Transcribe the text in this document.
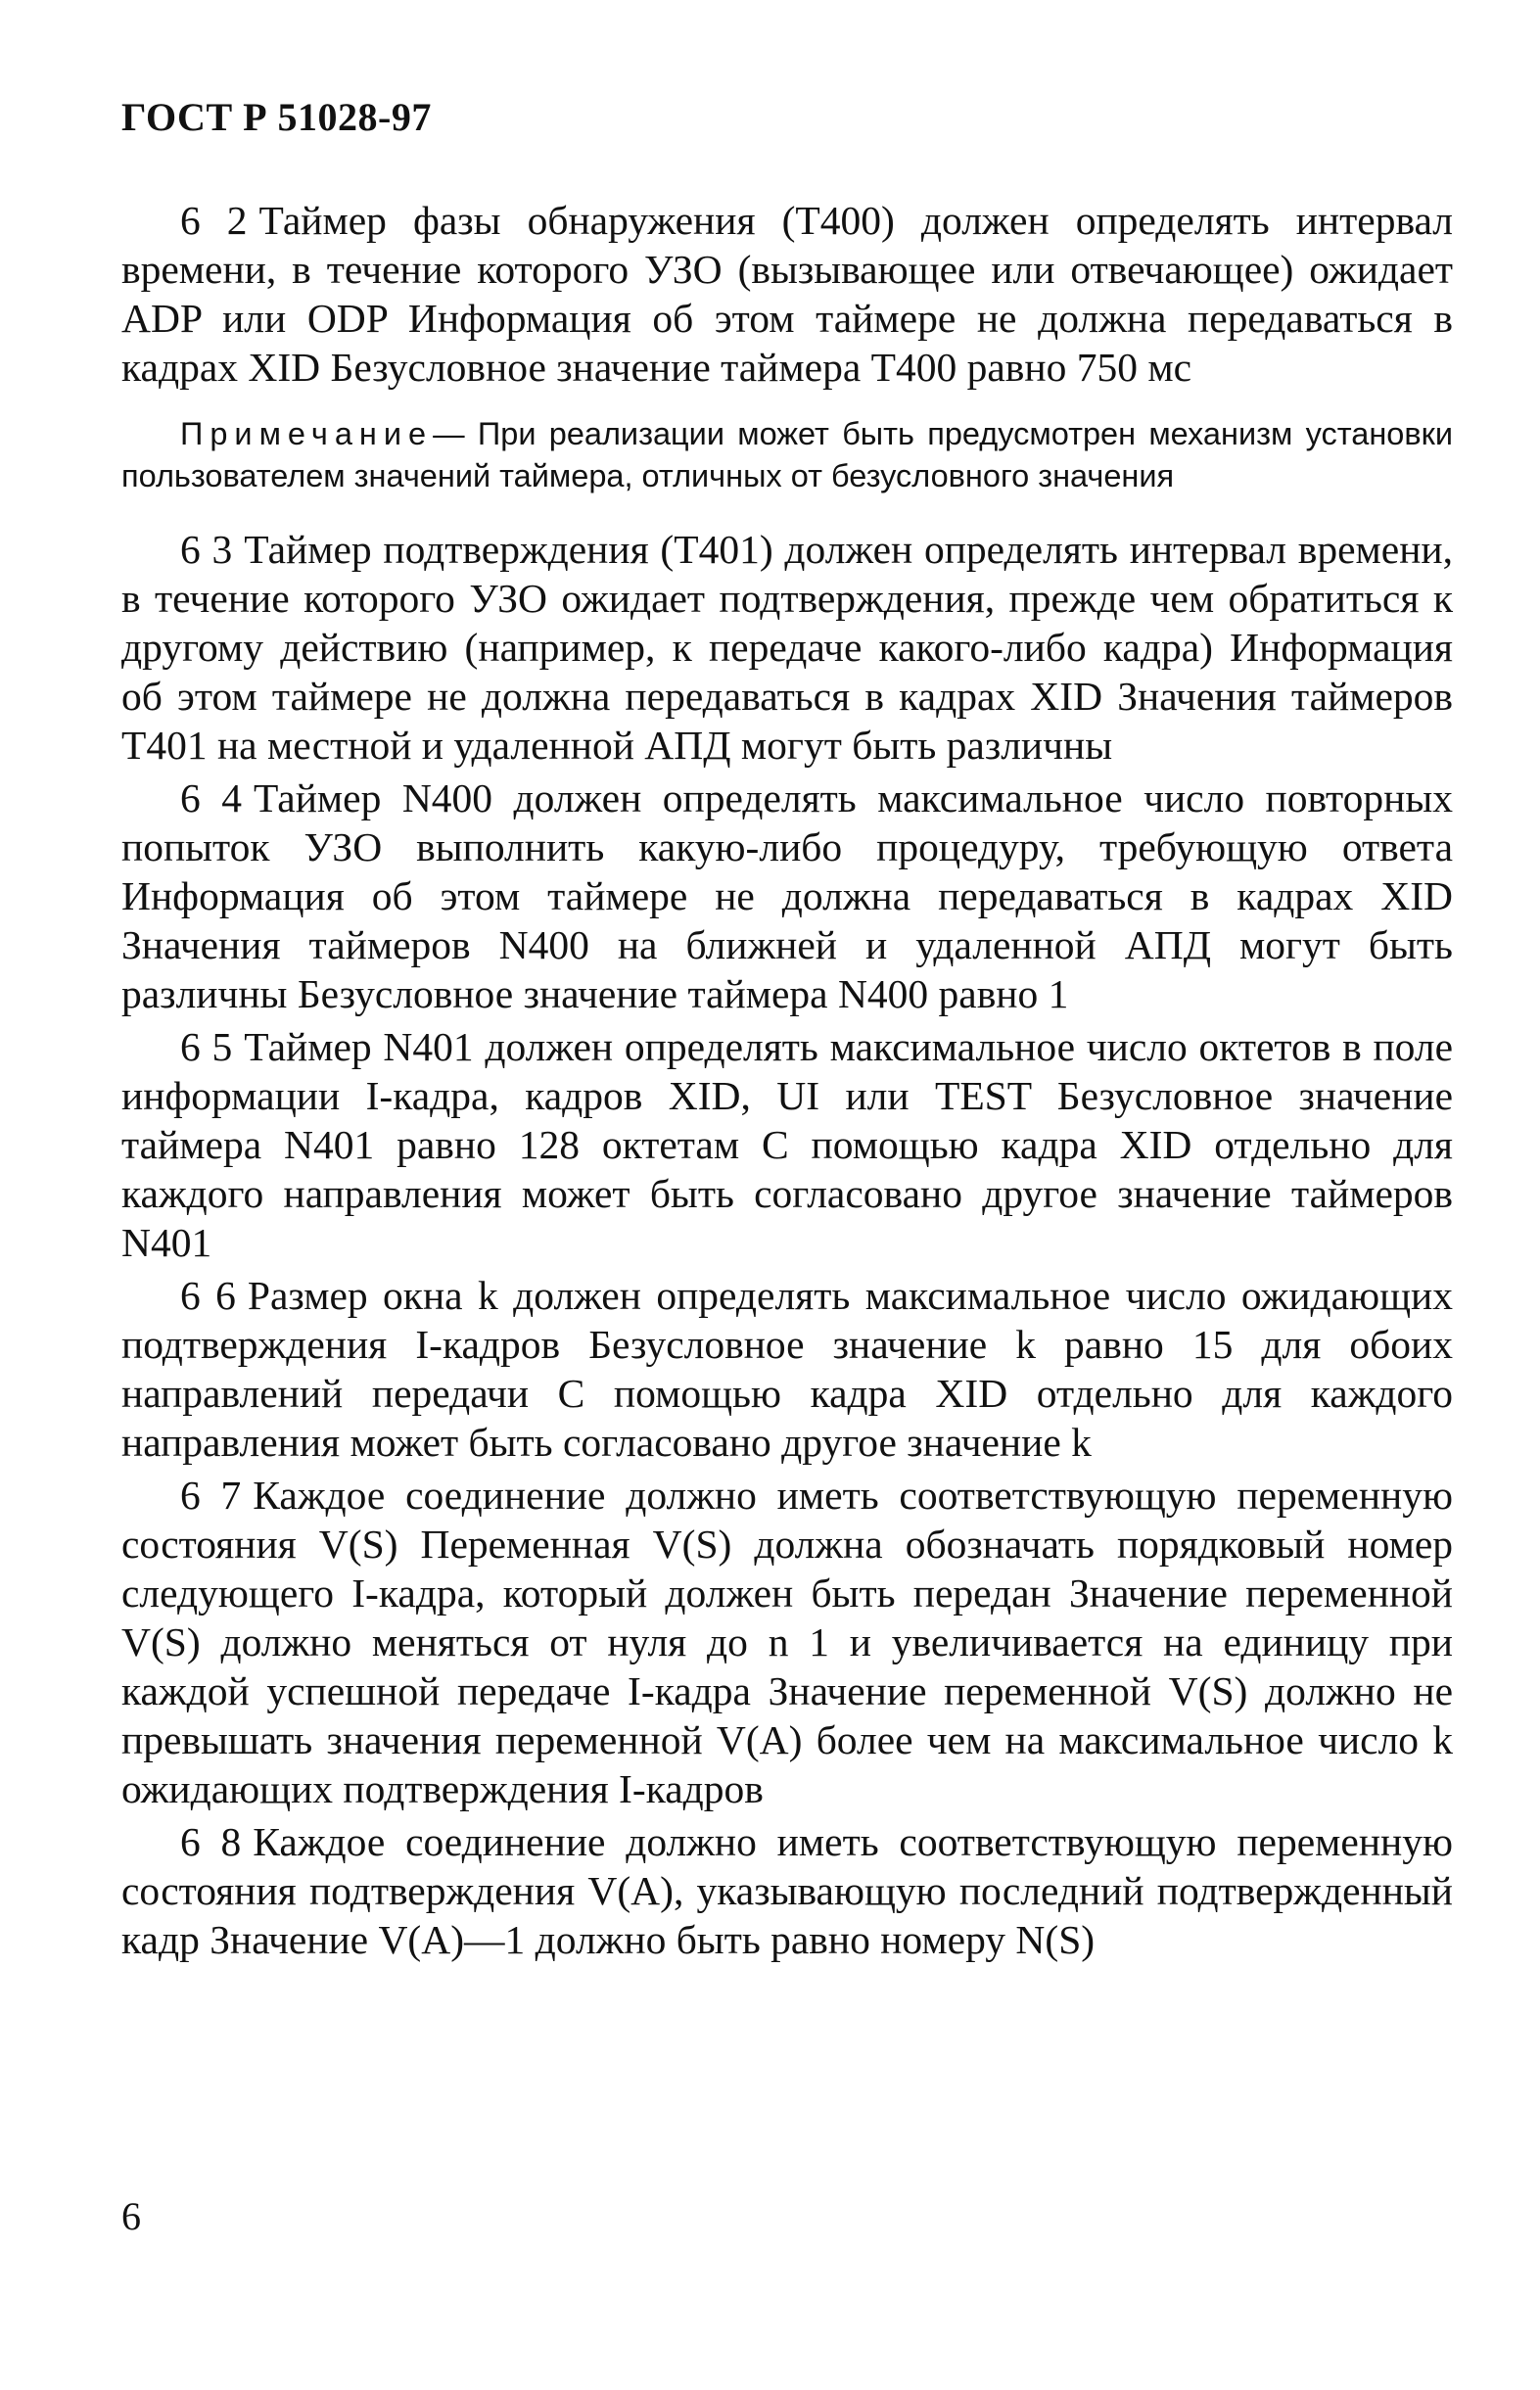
ГОСТ Р 51028-97

6 2 Таймер фазы обнаружения (Т400) должен определять интервал времени, в течение которого УЗО (вызывающее или отвечающее) ожидает ADP или ODP Информация об этом таймере не должна передаваться в кадрах XID Безусловное значение таймера Т400 равно 750 мс

Примечание— При реализации может быть предусмотрен механизм установки пользователем значений таймера, отличных от безусловного значения

6 3 Таймер подтверждения (Т401) должен определять интервал времени, в течение которого УЗО ожидает подтверждения, прежде чем обратиться к другому действию (например, к передаче какого-либо кадра) Информация об этом таймере не должна передаваться в кадрах XID Значения таймеров Т401 на местной и удаленной АПД могут быть различны

6 4 Таймер N400 должен определять максимальное число повторных попыток УЗО выполнить какую-либо процедуру, требующую ответа Информация об этом таймере не должна передаваться в кадрах XID Значения таймеров N400 на ближней и удаленной АПД могут быть различны Безусловное значение таймера N400 равно 1

6 5 Таймер N401 должен определять максимальное число октетов в поле информации I-кадра, кадров XID, UI или TEST Безусловное значение таймера N401 равно 128 октетам С помощью кадра XID отдельно для каждого направления может быть согласовано другое значение таймеров N401

6 6 Размер окна k должен определять максимальное число ожидающих подтверждения I-кадров Безусловное значение k равно 15 для обоих направлений передачи С помощью кадра XID отдельно для каждого направления может быть согласовано другое значение k

6 7 Каждое соединение должно иметь соответствующую переменную состояния V(S) Переменная V(S) должна обозначать порядковый номер следующего I-кадра, который должен быть передан Значение переменной V(S) должно меняться от нуля до n 1 и увеличивается на единицу при каждой успешной передаче I-кадра Значение переменной V(S) должно не превышать значения переменной V(A) более чем на максимальное число k ожидающих подтверждения I-кадров

6 8 Каждое соединение должно иметь соответствующую переменную состояния подтверждения V(A), указывающую последний подтвержденный кадр Значение V(A)—1 должно быть равно номеру N(S)

6
